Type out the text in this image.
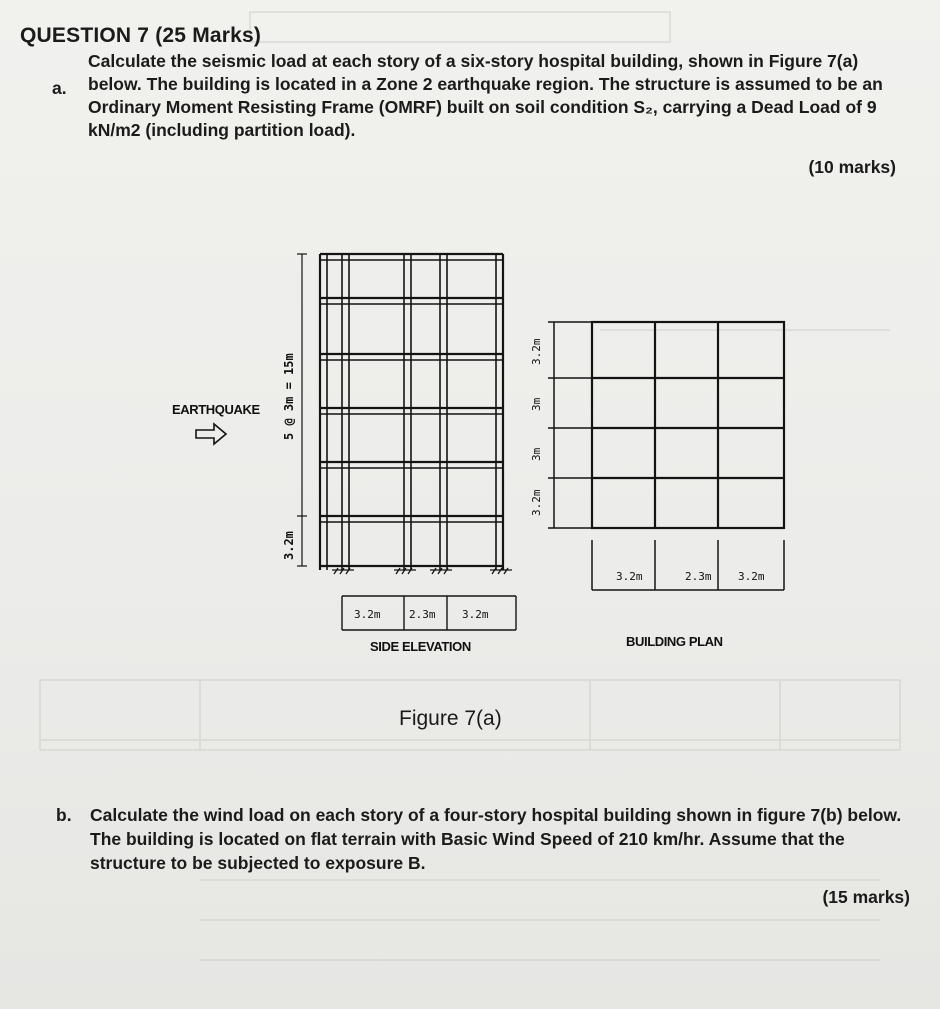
QUESTION 7 (25 Marks)
a.
Calculate the seismic load at each story of a six-story hospital building, shown in Figure 7(a) below. The building is located in a Zone 2 earthquake region. The structure is assumed to be an Ordinary Moment Resisting Frame (OMRF) built on soil condition S₂, carrying a Dead Load of 9 kN/m2 (including partition load).
(10 marks)
EARTHQUAKE 5 @ 3m = 15m
3.2m
3.2m	2.3m 3.2m
SIDE ELEVATION
3.2m
3m
3m
3.2m
3.2m	2.3m 3.2m
BUILDING PLAN
Figure 7(a)
b. Calculate the wind load on each story of a four-story hospital building shown in figure 7(b) below. The building is located on flat terrain with Basic Wind Speed of 210 km/hr. Assume that the structure to be subjected to exposure B.
(15 marks)
